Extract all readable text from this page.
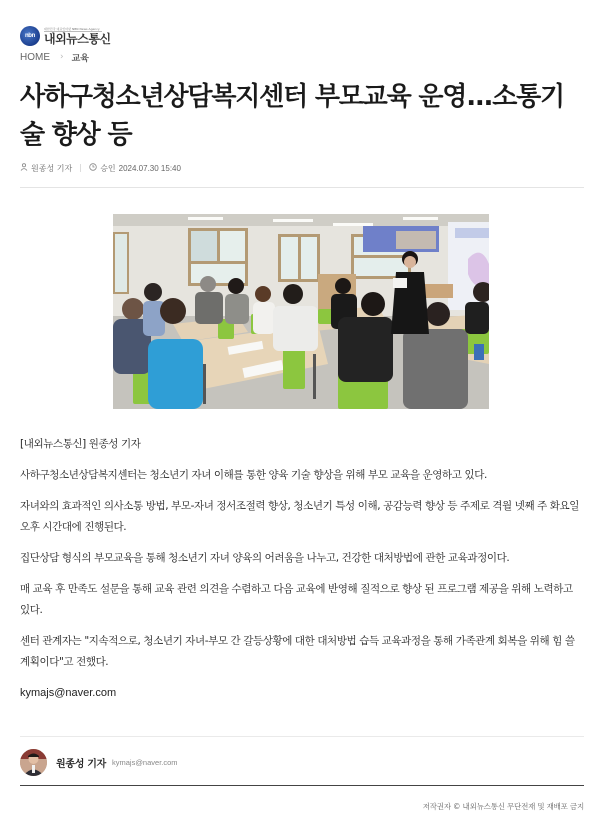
nbn
대한민국 대표인터넷 NBN News Agency
내외뉴스통신
HOME › 교육
사하구청소년상담복지센터 부모교육 운영...소통기술 향상 등
원종성 기자	승인 2024.07.30 15:40

[내외뉴스통신] 원종성 기자

사하구청소년상담복지센터는 청소년기 자녀 이해를 통한 양육 기술 향상을 위해 부모 교육을 운영하고 있다.

자녀와의 효과적인 의사소통 방법, 부모-자녀 정서조절력 향상, 청소년기 특성 이해, 공감능력 향상 등 주제로 격월 넷째 주 화요일 오후 시간대에 진행된다.

집단상담 형식의 부모교육을 통해 청소년기 자녀 양육의 어려움을 나누고, 건강한 대처방법에 관한 교육과정이다.

매 교육 후 만족도 설문을 통해 교육 관련 의견을 수렴하고 다음 교육에 반영해 질적으로 향상 된 프로그램 제공을 위해 노력하고 있다.

센터 관계자는 "지속적으로, 청소년기 자녀-부모 간 갈등상황에 대한 대처방법 습득 교육과정을 통해 가족관계 회복을 위해 힘 쓸 계획이다"고 전했다.

kymajs@naver.com

원종성 기자 kymajs@naver.com
저작권자 © 내외뉴스통신 무단전재 및 재배포 금지
